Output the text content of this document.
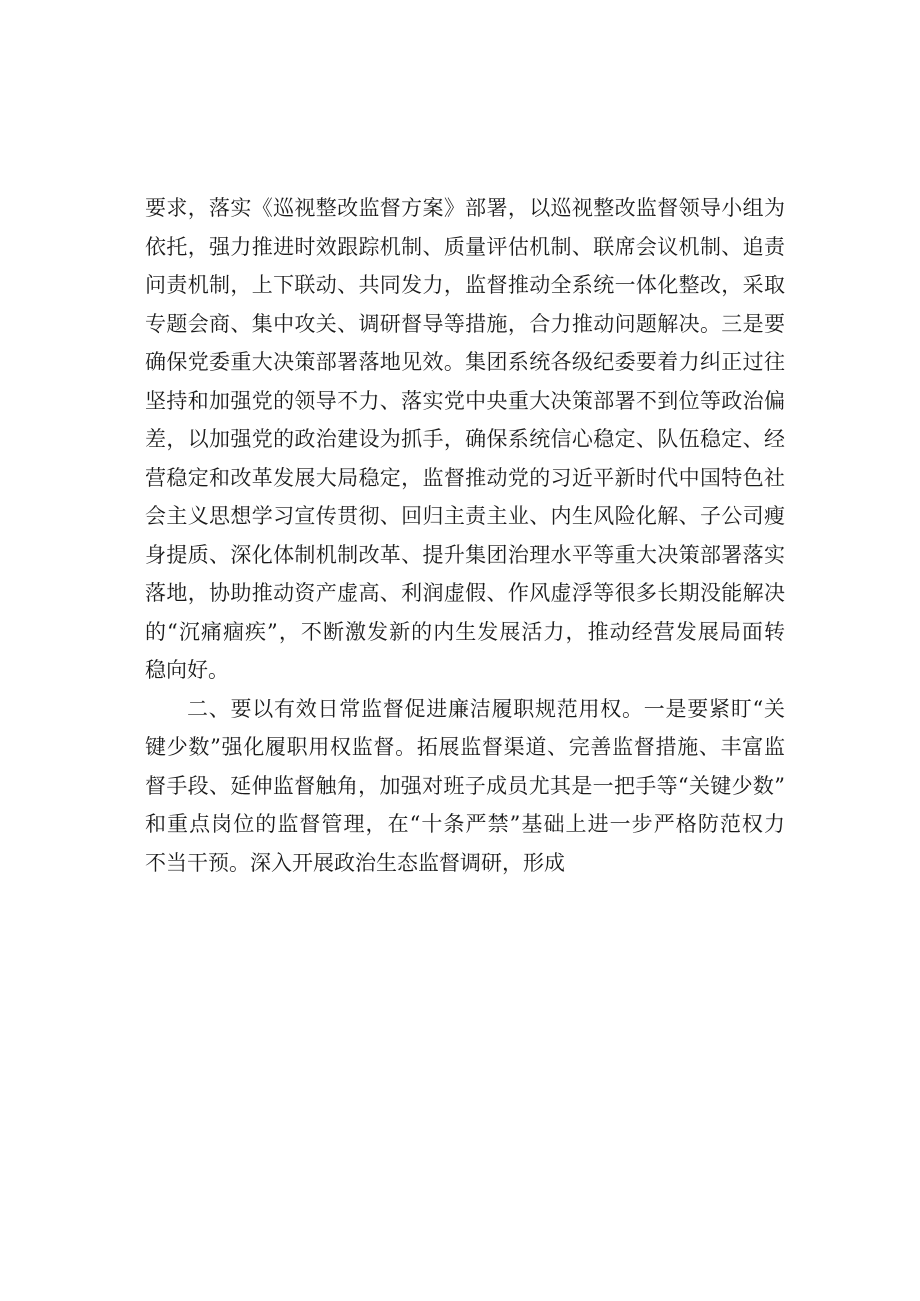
要求，落实《巡视整改监督方案》部署，以巡视整改监督领导小组为
依托，强力推进时效跟踪机制、质量评估机制、联席会议机制、追责
问责机制，上下联动、共同发力，监督推动全系统一体化整改，采取
专题会商、集中攻关、调研督导等措施，合力推动问题解决。三是要
确保党委重大决策部署落地见效。集团系统各级纪委要着力纠正过往
坚持和加强党的领导不力、落实党中央重大决策部署不到位等政治偏
差，以加强党的政治建设为抓手，确保系统信心稳定、队伍稳定、经
营稳定和改革发展大局稳定，监督推动党的习近平新时代中国特色社
会主义思想学习宣传贯彻、回归主责主业、内生风险化解、子公司瘦
身提质、深化体制机制改革、提升集团治理水平等重大决策部署落实
落地，协助推动资产虚高、利润虚假、作风虚浮等很多长期没能解决
的“沉痛痼疾”，不断激发新的内生发展活力，推动经营发展局面转
稳向好。
二、要以有效日常监督促进廉洁履职规范用权。一是要紧盯“关
键少数”强化履职用权监督。拓展监督渠道、完善监督措施、丰富监
督手段、延伸监督触角，加强对班子成员尤其是一把手等“关键少数”
和重点岗位的监督管理，在“十条严禁”基础上进一步严格防范权力
不当干预。深入开展政治生态监督调研，形成
